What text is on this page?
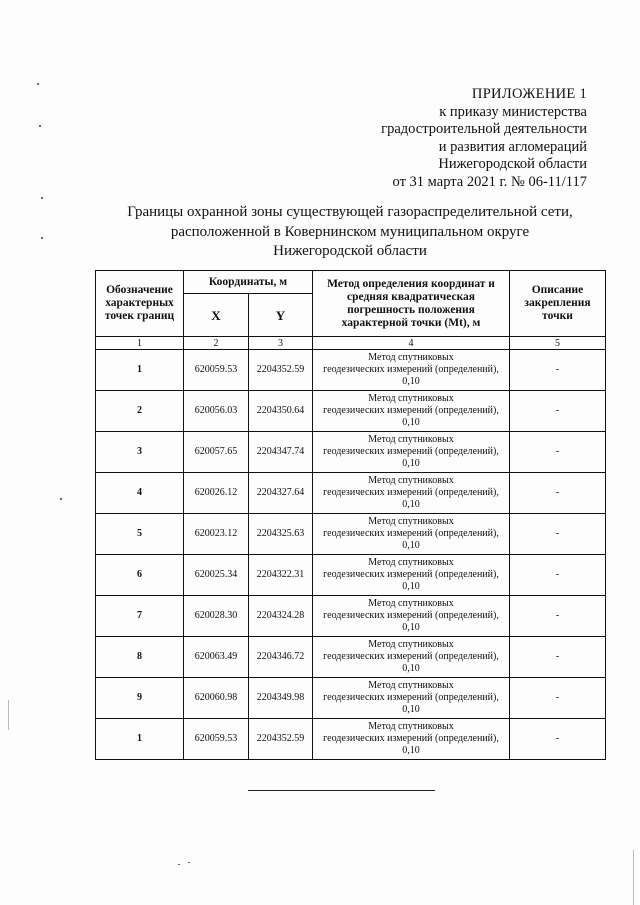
ПРИЛОЖЕНИЕ 1
к приказу министерства
градостроительной деятельности
и развития агломераций
Нижегородской области
от 31 марта 2021 г. № 06-11/117
Границы охранной зоны существующей газораспределительной сети,
расположенной в Ковернинском муниципальном округе
Нижегородской области
Обозначение характерных точек границ	Координаты, м		Метод определения координат и средняя квадратическая погрешность положения характерной точки (Mt), м	Описание закрепления точки
	X	Y		
1	2	3	4	5
1	620059.53	2204352.59	Метод спутниковых
геодезических измерений (определений),
0,10	-
2	620056.03	2204350.64	Метод спутниковых
геодезических измерений (определений),
0,10	-
3	620057.65	2204347.74	Метод спутниковых
геодезических измерений (определений),
0,10	-
4	620026.12	2204327.64	Метод спутниковых
геодезических измерений (определений),
0,10	-
5	620023.12	2204325.63	Метод спутниковых
геодезических измерений (определений),
0,10	-
6	620025.34	2204322.31	Метод спутниковых
геодезических измерений (определений),
0,10	-
7	620028.30	2204324.28	Метод спутниковых
геодезических измерений (определений),
0,10	-
8	620063.49	2204346.72	Метод спутниковых
геодезических измерений (определений),
0,10	-
9	620060.98	2204349.98	Метод спутниковых
геодезических измерений (определений),
0,10	-
1	620059.53	2204352.59	Метод спутниковых
геодезических измерений (определений),
0,10	-
